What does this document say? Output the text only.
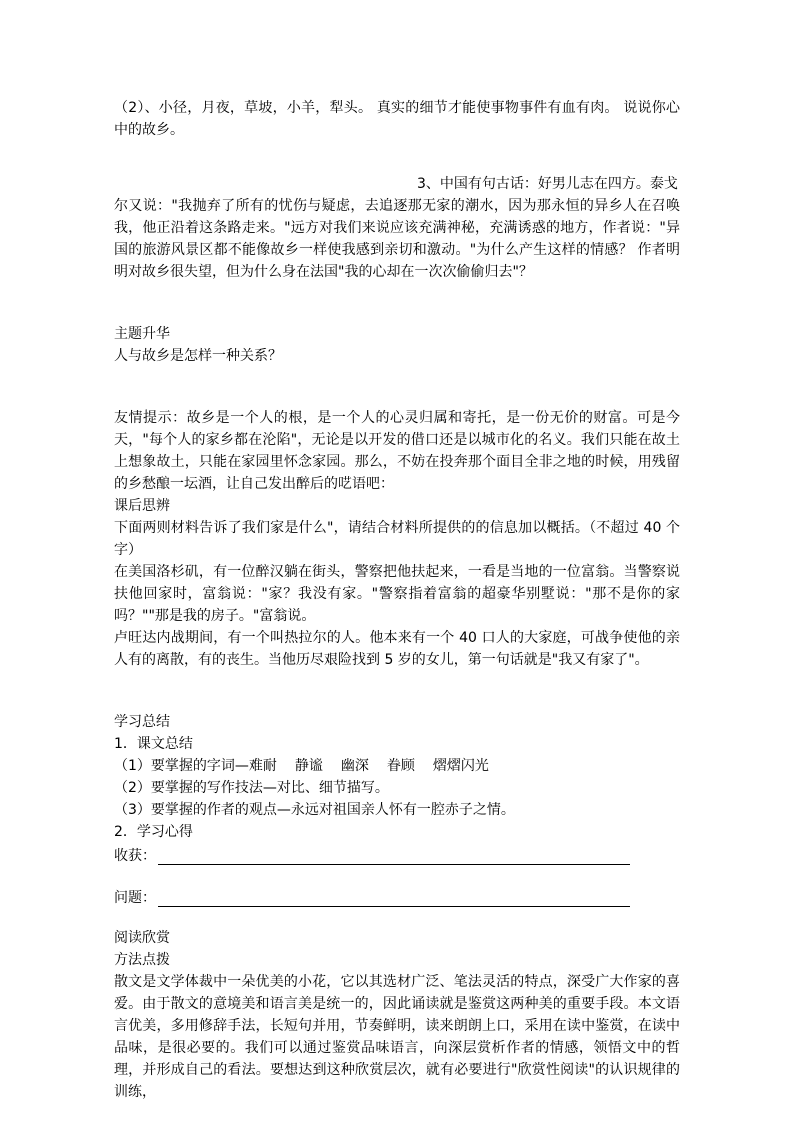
（2）、小径，月夜，草坡，小羊，犁头。 真实的细节才能使事物事件有血有肉。 说说你心中的故乡。
3、中国有句古话：好男儿志在四方。泰戈
尔又说："我抛弃了所有的忧伤与疑虑，去追逐那无家的潮水，因为那永恒的异乡人在召唤我，他正沿着这条路走来。"远方对我们来说应该充满神秘，充满诱惑的地方，作者说："异国的旅游风景区都不能像故乡一样使我感到亲切和激动。"为什么产生这样的情感？ 作者明明对故乡很失望，但为什么身在法国"我的心却在一次次偷偷归去"？
主题升华
人与故乡是怎样一种关系？
友情提示：故乡是一个人的根，是一个人的心灵归属和寄托，是一份无价的财富。可是今天，"每个人的家乡都在沦陷"，无论是以开发的借口还是以城市化的名义。我们只能在故土上想象故土，只能在家园里怀念家园。那么，不妨在投奔那个面目全非之地的时候，用残留的乡愁酿一坛酒，让自己发出醉后的呓语吧：
课后思辨
下面两则材料告诉了我们家是什么"，请结合材料所提供的的信息加以概括。（不超过 40 个字）
在美国洛杉矶，有一位醉汉躺在街头，警察把他扶起来，一看是当地的一位富翁。当警察说扶他回家时，富翁说："家？我没有家。"警察指着富翁的超豪华别墅说："那不是你的家吗？""那是我的房子。"富翁说。
卢旺达内战期间，有一个叫热拉尔的人。他本来有一个 40 口人的大家庭，可战争使他的亲人有的离散，有的丧生。当他历尽艰险找到 5 岁的女儿，第一句话就是"我又有家了"。
学习总结
1．课文总结
（1）要掌握的字词—难耐 静谧 幽深 眷顾 熠熠闪光
（2）要掌握的写作技法—对比、细节描写。
（3）要掌握的作者的观点—永远对祖国亲人怀有一腔赤子之情。
2．学习心得
收获：
问题：
阅读欣赏
方法点拨
散文是文学体裁中一朵优美的小花，它以其选材广泛、笔法灵活的特点，深受广大作家的喜爱。由于散文的意境美和语言美是统一的，因此诵读就是鉴赏这两种美的重要手段。本文语言优美，多用修辞手法，长短句并用，节奏鲜明，读来朗朗上口，采用在读中鉴赏，在读中品味，是很必要的。我们可以通过鉴赏品味语言，向深层赏析作者的情感，领悟文中的哲理，并形成自己的看法。要想达到这种欣赏层次，就有必要进行"欣赏性阅读"的认识规律的训练，
